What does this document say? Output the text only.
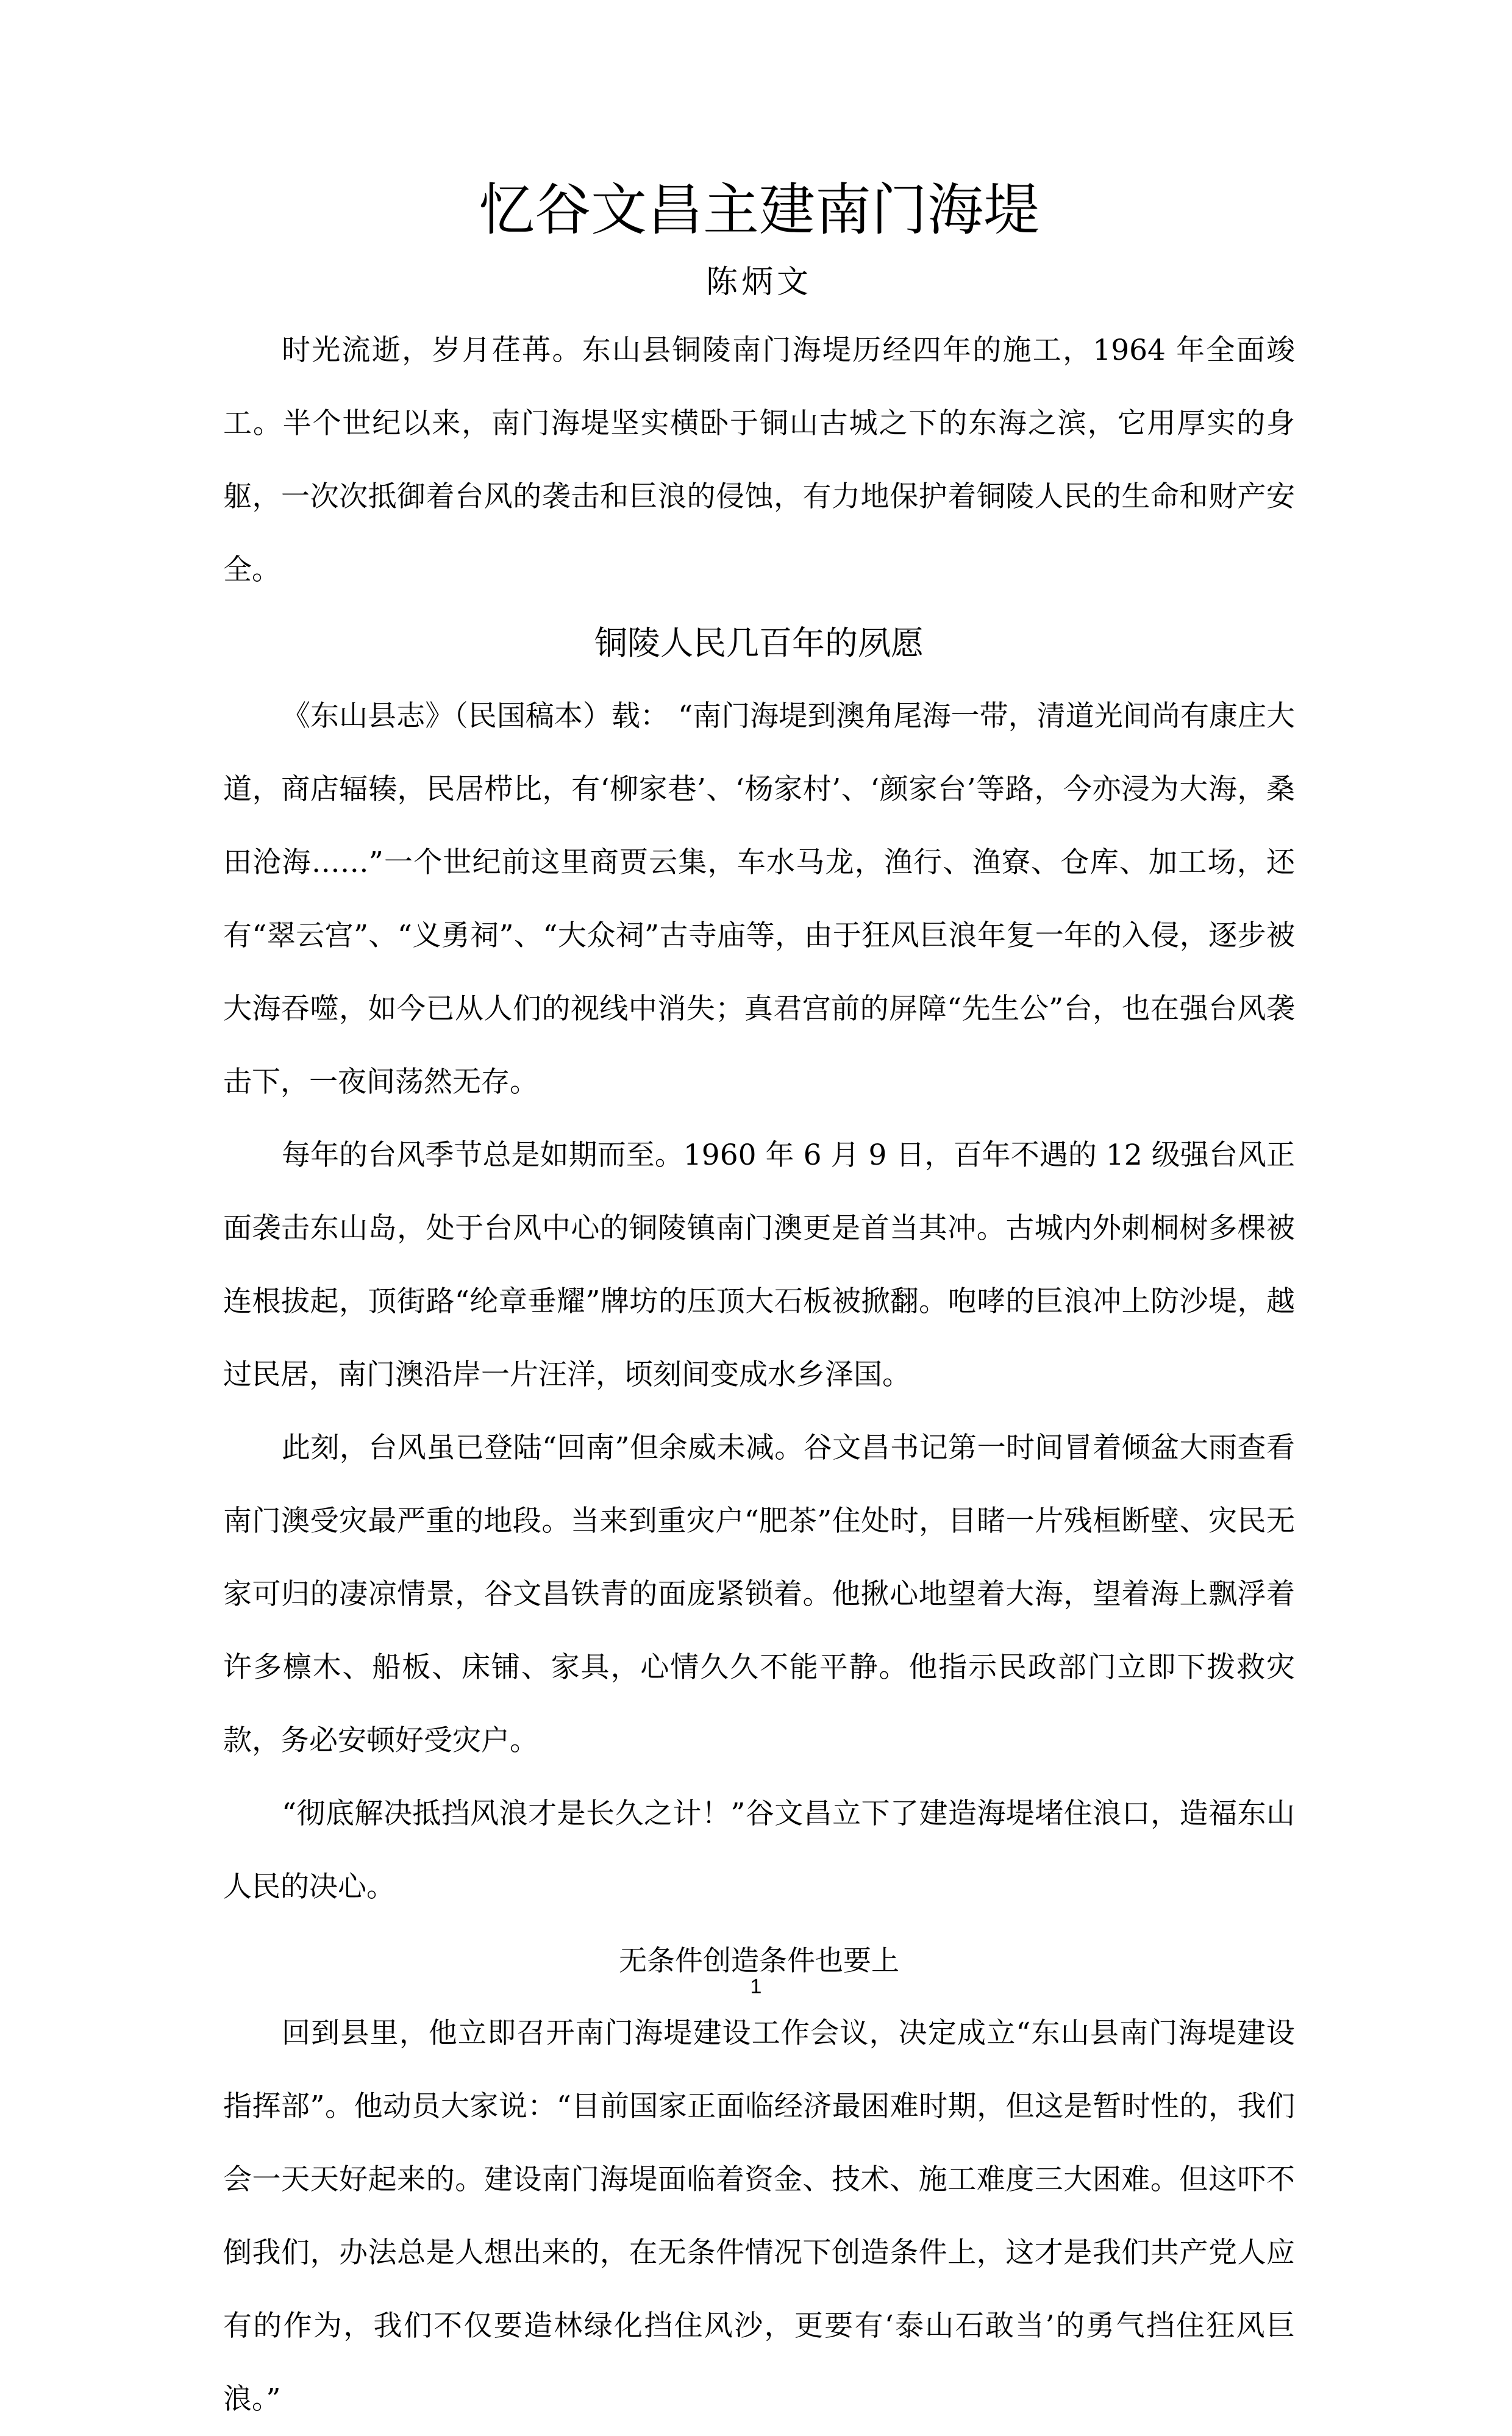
忆谷文昌主建南门海堤
陈炳文

时光流逝，岁月荏苒。东山县铜陵南门海堤历经四年的施工，1964 年全面竣工。半个世纪以来，南门海堤坚实横卧于铜山古城之下的东海之滨，它用厚实的身躯，一次次抵御着台风的袭击和巨浪的侵蚀，有力地保护着铜陵人民的生命和财产安全。

铜陵人民几百年的夙愿

《东山县志》（民国稿本）载： “南门海堤到澳角尾海一带，清道光间尚有康庄大道，商店辐辏，民居栉比，有‘柳家巷’、‘杨家村’、‘颜家台’等路，今亦浸为大海，桑田沧海……”一个世纪前这里商贾云集，车水马龙，渔行、渔寮、仓库、加工场，还有“翠云宫”、“义勇祠”、“大众祠”古寺庙等，由于狂风巨浪年复一年的入侵，逐步被大海吞噬，如今已从人们的视线中消失；真君宫前的屏障“先生公”台，也在强台风袭击下，一夜间荡然无存。

每年的台风季节总是如期而至。1960 年 6 月 9 日，百年不遇的 12 级强台风正面袭击东山岛，处于台风中心的铜陵镇南门澳更是首当其冲。古城内外刺桐树多棵被连根拔起，顶街路“纶章垂耀”牌坊的压顶大石板被掀翻。咆哮的巨浪冲上防沙堤，越过民居，南门澳沿岸一片汪洋，顷刻间变成水乡泽国。

此刻，台风虽已登陆“回南”但余威未减。谷文昌书记第一时间冒着倾盆大雨查看南门澳受灾最严重的地段。当来到重灾户“肥茶”住处时，目睹一片残桓断壁、灾民无家可归的凄凉情景，谷文昌铁青的面庞紧锁着。他揪心地望着大海，望着海上飘浮着许多檩木、船板、床铺、家具，心情久久不能平静。他指示民政部门立即下拨救灾款，务必安顿好受灾户。

“彻底解决抵挡风浪才是长久之计！”谷文昌立下了建造海堤堵住浪口，造福东山人民的决心。

无条件创造条件也要上

回到县里，他立即召开南门海堤建设工作会议，决定成立“东山县南门海堤建设指挥部”。他动员大家说：“目前国家正面临经济最困难时期，但这是暂时性的，我们会一天天好起来的。建设南门海堤面临着资金、技术、施工难度三大困难。但这吓不倒我们，办法总是人想出来的，在无条件情况下创造条件上，这才是我们共产党人应有的作为，我们不仅要造林绿化挡住风沙，更要有‘泰山石敢当’的勇气挡住狂风巨浪。”

1
